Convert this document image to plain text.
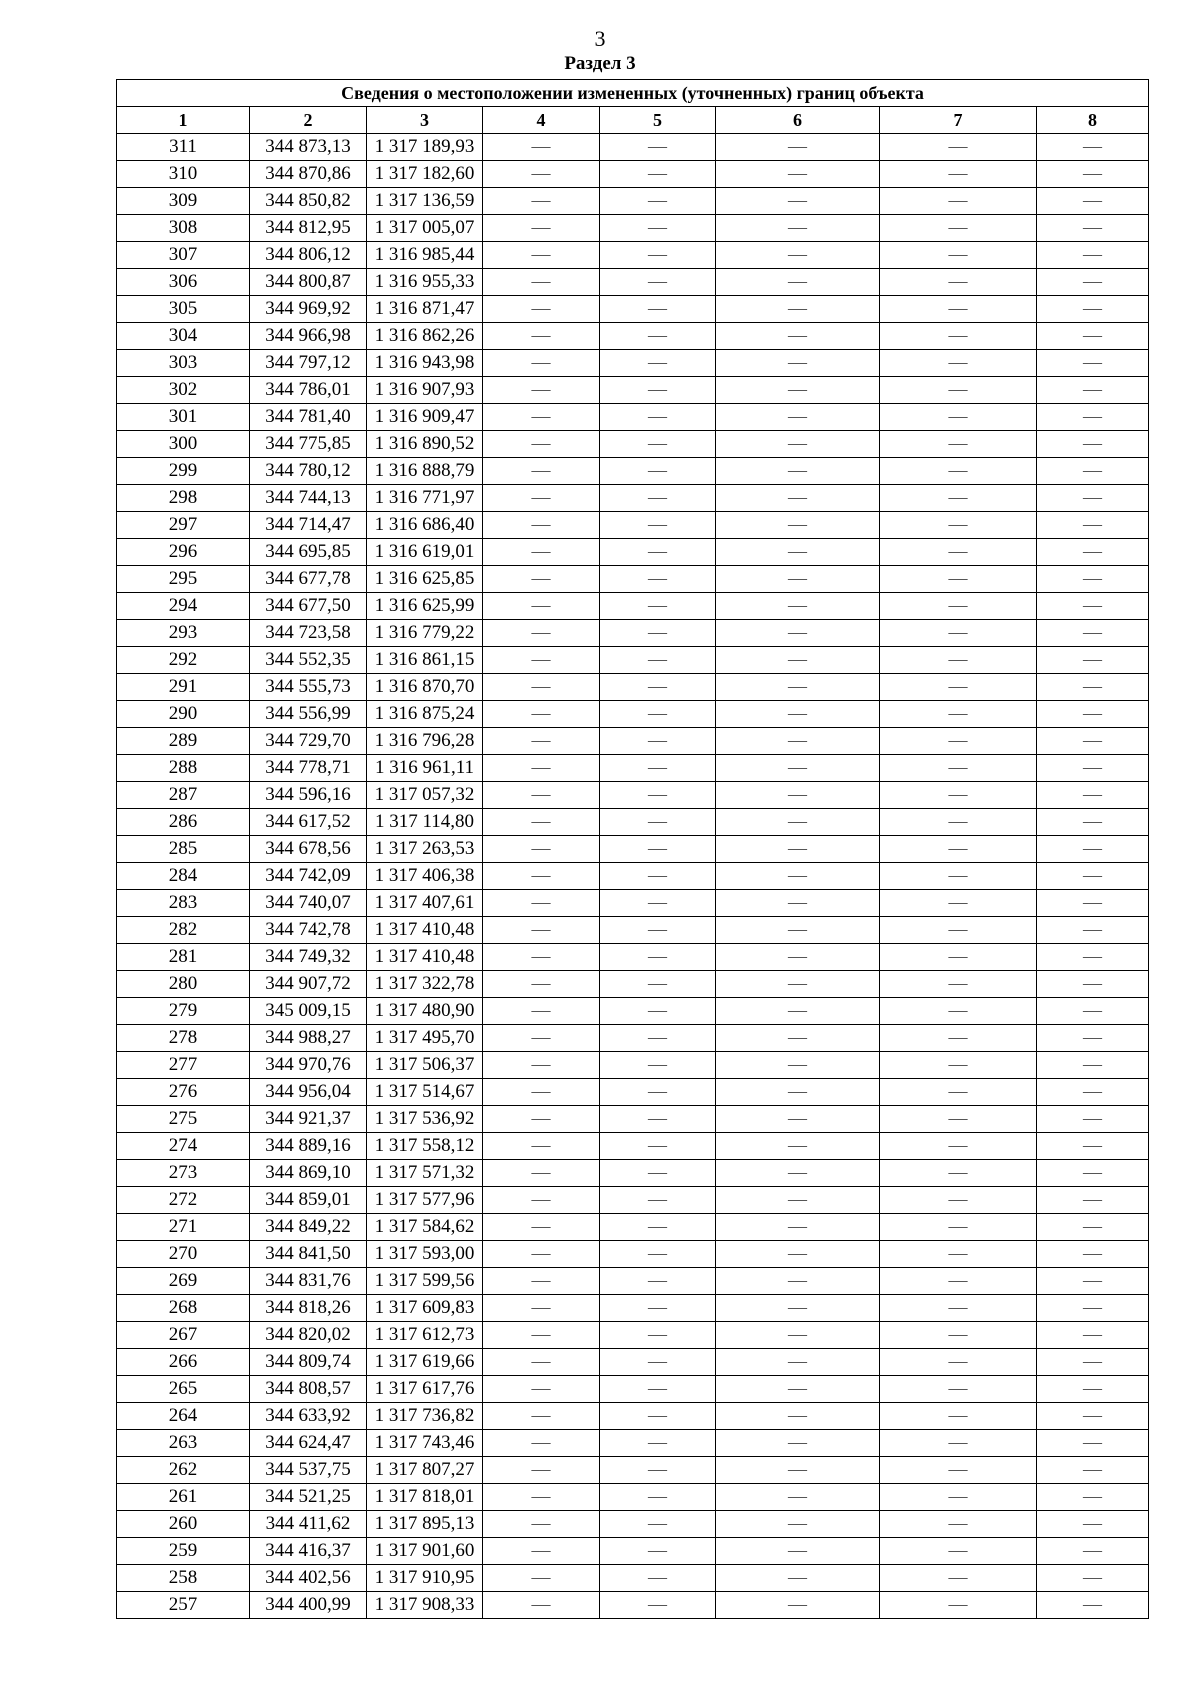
3
Раздел 3
Сведения о местоположении измененных (уточненных) границ объекта							
1	2	3	4	5	6	7	8
311	344 873,13	1 317 189,93	—	—	—	—	—
310	344 870,86	1 317 182,60	—	—	—	—	—
309	344 850,82	1 317 136,59	—	—	—	—	—
308	344 812,95	1 317 005,07	—	—	—	—	—
307	344 806,12	1 316 985,44	—	—	—	—	—
306	344 800,87	1 316 955,33	—	—	—	—	—
305	344 969,92	1 316 871,47	—	—	—	—	—
304	344 966,98	1 316 862,26	—	—	—	—	—
303	344 797,12	1 316 943,98	—	—	—	—	—
302	344 786,01	1 316 907,93	—	—	—	—	—
301	344 781,40	1 316 909,47	—	—	—	—	—
300	344 775,85	1 316 890,52	—	—	—	—	—
299	344 780,12	1 316 888,79	—	—	—	—	—
298	344 744,13	1 316 771,97	—	—	—	—	—
297	344 714,47	1 316 686,40	—	—	—	—	—
296	344 695,85	1 316 619,01	—	—	—	—	—
295	344 677,78	1 316 625,85	—	—	—	—	—
294	344 677,50	1 316 625,99	—	—	—	—	—
293	344 723,58	1 316 779,22	—	—	—	—	—
292	344 552,35	1 316 861,15	—	—	—	—	—
291	344 555,73	1 316 870,70	—	—	—	—	—
290	344 556,99	1 316 875,24	—	—	—	—	—
289	344 729,70	1 316 796,28	—	—	—	—	—
288	344 778,71	1 316 961,11	—	—	—	—	—
287	344 596,16	1 317 057,32	—	—	—	—	—
286	344 617,52	1 317 114,80	—	—	—	—	—
285	344 678,56	1 317 263,53	—	—	—	—	—
284	344 742,09	1 317 406,38	—	—	—	—	—
283	344 740,07	1 317 407,61	—	—	—	—	—
282	344 742,78	1 317 410,48	—	—	—	—	—
281	344 749,32	1 317 410,48	—	—	—	—	—
280	344 907,72	1 317 322,78	—	—	—	—	—
279	345 009,15	1 317 480,90	—	—	—	—	—
278	344 988,27	1 317 495,70	—	—	—	—	—
277	344 970,76	1 317 506,37	—	—	—	—	—
276	344 956,04	1 317 514,67	—	—	—	—	—
275	344 921,37	1 317 536,92	—	—	—	—	—
274	344 889,16	1 317 558,12	—	—	—	—	—
273	344 869,10	1 317 571,32	—	—	—	—	—
272	344 859,01	1 317 577,96	—	—	—	—	—
271	344 849,22	1 317 584,62	—	—	—	—	—
270	344 841,50	1 317 593,00	—	—	—	—	—
269	344 831,76	1 317 599,56	—	—	—	—	—
268	344 818,26	1 317 609,83	—	—	—	—	—
267	344 820,02	1 317 612,73	—	—	—	—	—
266	344 809,74	1 317 619,66	—	—	—	—	—
265	344 808,57	1 317 617,76	—	—	—	—	—
264	344 633,92	1 317 736,82	—	—	—	—	—
263	344 624,47	1 317 743,46	—	—	—	—	—
262	344 537,75	1 317 807,27	—	—	—	—	—
261	344 521,25	1 317 818,01	—	—	—	—	—
260	344 411,62	1 317 895,13	—	—	—	—	—
259	344 416,37	1 317 901,60	—	—	—	—	—
258	344 402,56	1 317 910,95	—	—	—	—	—
257	344 400,99	1 317 908,33	—	—	—	—	—
